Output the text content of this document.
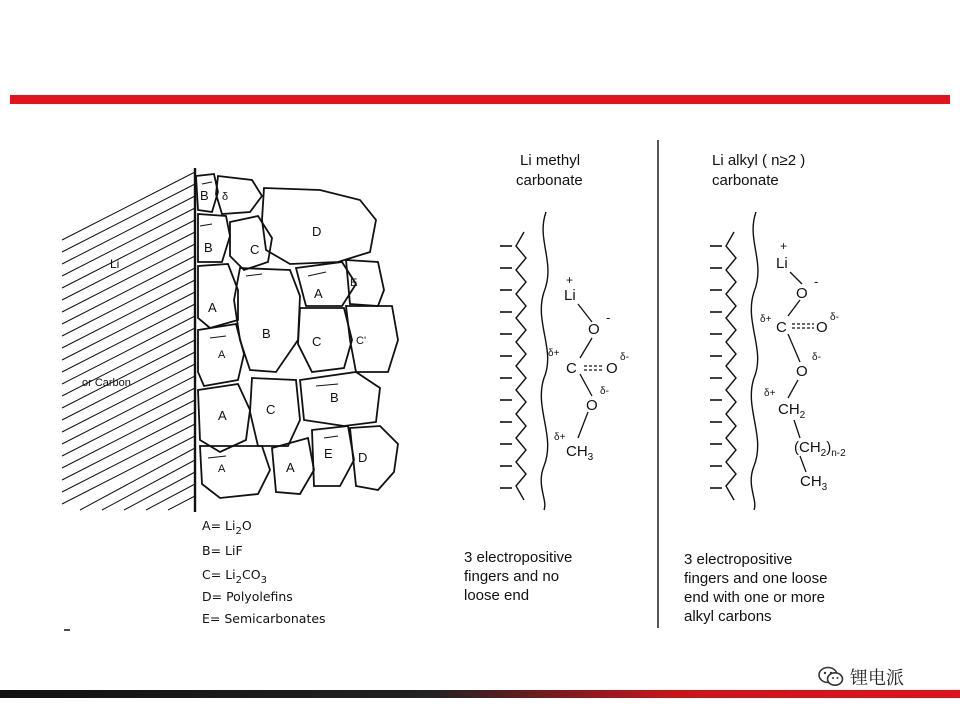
Li
or Carbon
B δ
D
B	C
E
A
A
B
C	C'
A
A	C
B
A	A
E D
$A= Li_2O$
B= LiF
$C= Li_2CO_3$
D= Polyolefins
E= Semicarbonates
Li methyl
carbonate
+
Li
O
-
δ+
C O
δ-
O
δ-
δ+
$CH_3$
3 electropositive
fingers and no
loose end
Li alkyl ( n≥2 )
carbonate
+
Li
O
-
δ+ C O
δ-
O
δ-
δ+
$CH_2$
$(CH_2)_{n-2}$
$CH_3$
3 electropositive
fingers and one loose
end with one or more
alkyl carbons
锂电派
